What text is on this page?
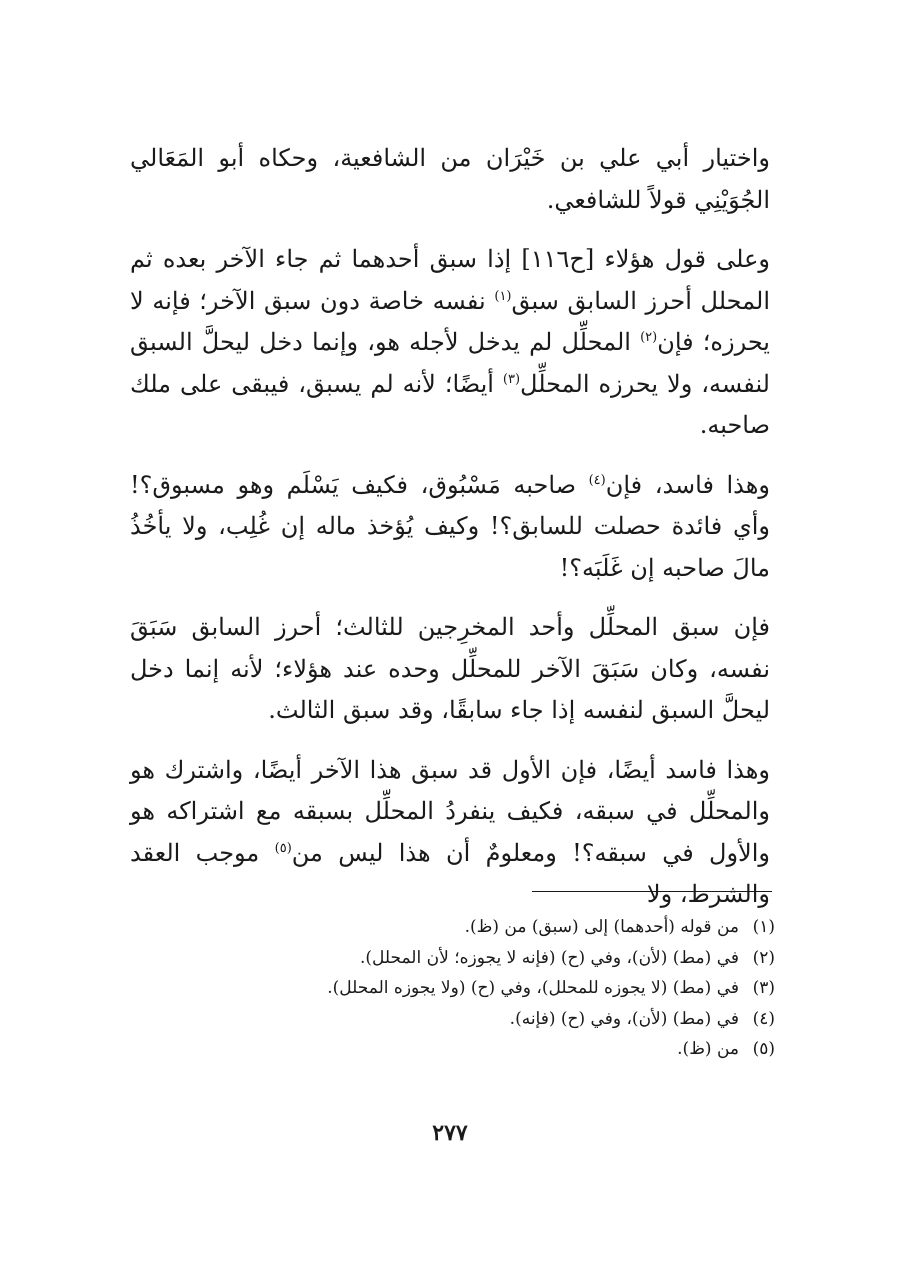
واختيار أبي علي بن خَيْرَان من الشافعية، وحكاه أبو المَعَالي الجُوَيْنِي قولاً للشافعي.

وعلى قول هؤلاء [ح١١٦] إذا سبق أحدهما ثم جاء الآخر بعده ثم المحلل أحرز السابق سبق$^{(١)}$ نفسه خاصة دون سبق الآخر؛ فإنه لا يحرزه؛ فإن$^{(٢)}$ المحلِّل لم يدخل لأجله هو، وإنما دخل ليحلَّ السبق لنفسه، ولا يحرزه المحلِّل$^{(٣)}$ أيضًا؛ لأنه لم يسبق، فيبقى على ملك صاحبه.

وهذا فاسد، فإن$^{(٤)}$ صاحبه مَسْبُوق، فكيف يَسْلَم وهو مسبوق؟! وأي فائدة حصلت للسابق؟! وكيف يُؤخذ ماله إن غُلِب، ولا يأخُذُ مالَ صاحبه إن غَلَبَه؟!

فإن سبق المحلِّل وأحد المخرِجين للثالث؛ أحرز السابق سَبَقَ نفسه، وكان سَبَقَ الآخر للمحلِّل وحده عند هؤلاء؛ لأنه إنما دخل ليحلَّ السبق لنفسه إذا جاء سابقًا، وقد سبق الثالث.

وهذا فاسد أيضًا، فإن الأول قد سبق هذا الآخر أيضًا، واشترك هو والمحلِّل في سبقه، فكيف ينفردُ المحلِّل بسبقه مع اشتراكه هو والأول في سبقه؟! ومعلومٌ أن هذا ليس من$^{(٥)}$ موجب العقد والشرط، ولا

(١)من قوله (أحدهما) إلى (سبق) من (ظ).
(٢)في (مط) (لأن)، وفي (ح) (فإنه لا يجوزه؛ لأن المحلل).
(٣)في (مط) (لا يجوزه للمحلل)، وفي (ح) (ولا يجوزه المحلل).
(٤)في (مط) (لأن)، وفي (ح) (فإنه).
(٥)من (ظ).
٢٧٧
